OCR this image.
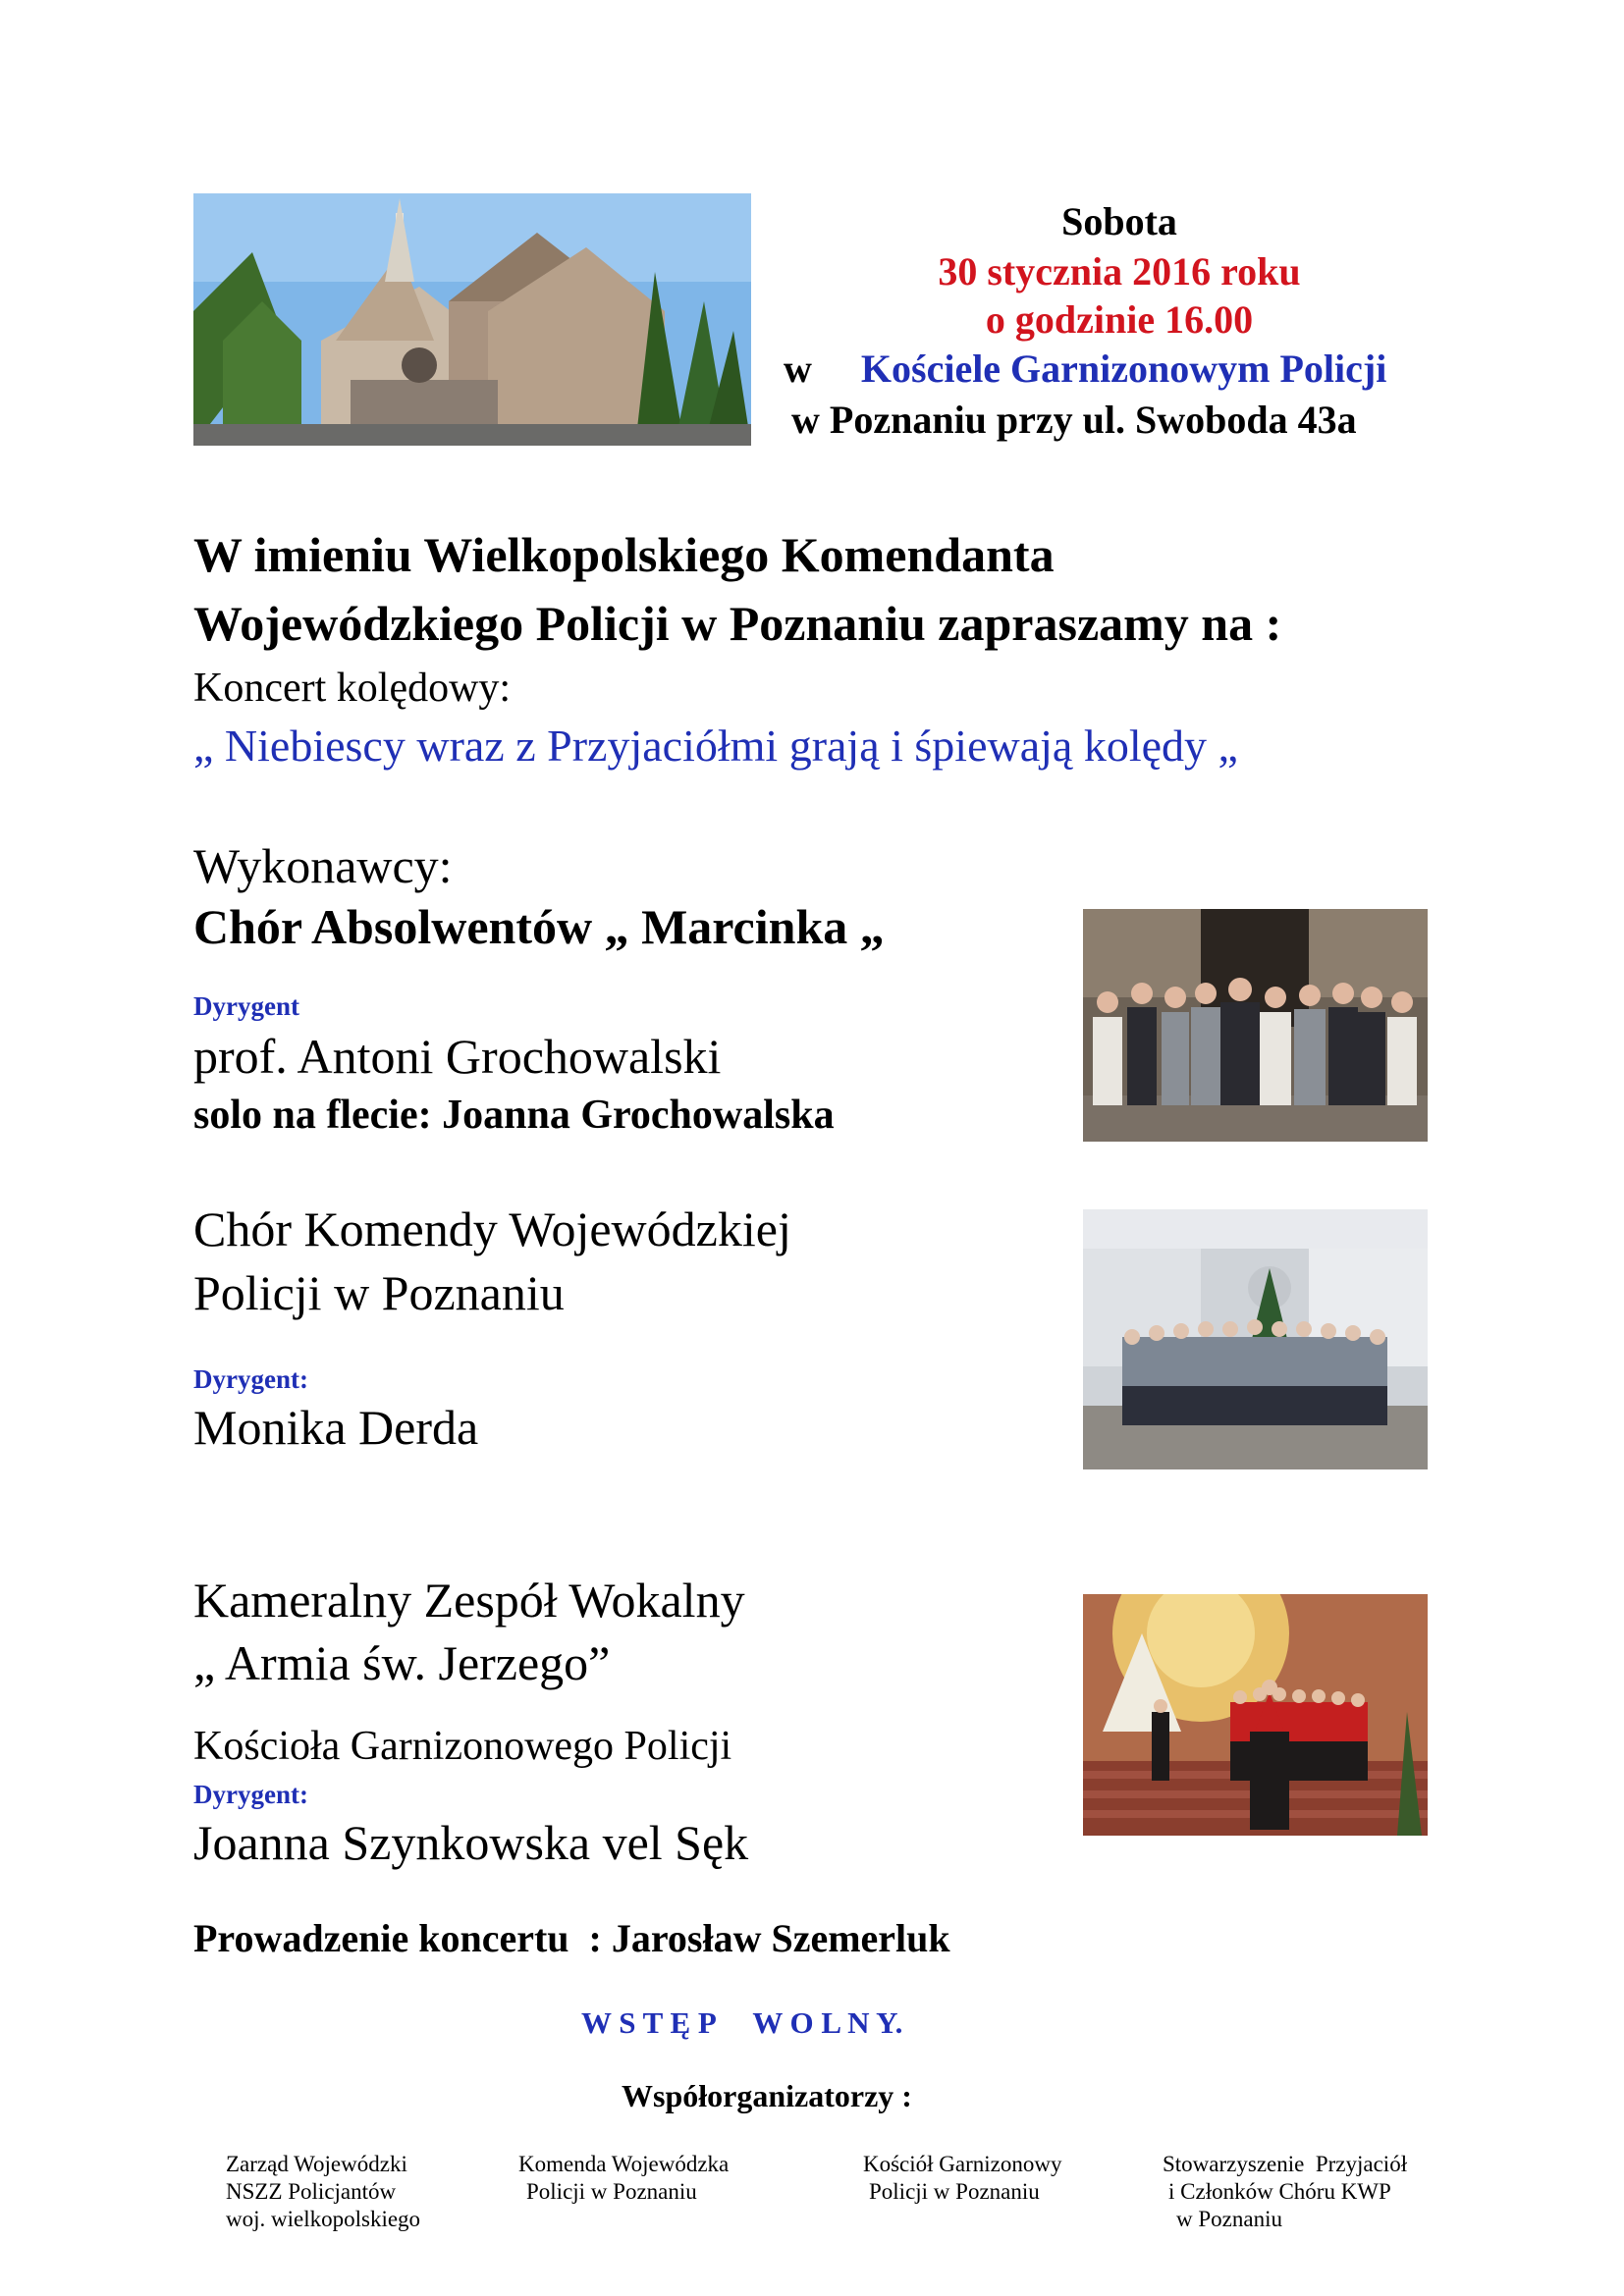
Sobota
30 stycznia 2016 roku
o godzinie 16.00
w Kościele Garnizonowym Policji
w Poznaniu przy ul. Swoboda 43a
W imieniu Wielkopolskiego Komendanta
Wojewódzkiego Policji w Poznaniu zapraszamy na :
Koncert kolędowy:
„ Niebiescy wraz z Przyjaciółmi grają i śpiewają kolędy „
Wykonawcy:
Chór Absolwentów „ Marcinka „
Dyrygent
prof. Antoni Grochowalski
solo na flecie: Joanna Grochowalska
Chór Komendy Wojewódzkiej
Policji w Poznaniu
Dyrygent:
Monika Derda
Kameralny Zespół Wokalny
„ Armia św. Jerzego”
Kościoła Garnizonowego Policji
Dyrygent:
Joanna Szynkowska vel Sęk
Prowadzenie koncertu  : Jarosław Szemerluk
W S T Ę P     W O L N Y.
Współorganizatorzy :
Zarząd Wojewódzki
NSZZ Policjantów
woj. wielkopolskiego
Komenda Wojewódzka
Policji w Poznaniu
Kościół Garnizonowy
Policji w Poznaniu
Stowarzyszenie  Przyjaciół
i Członków Chóru KWP
w Poznaniu
